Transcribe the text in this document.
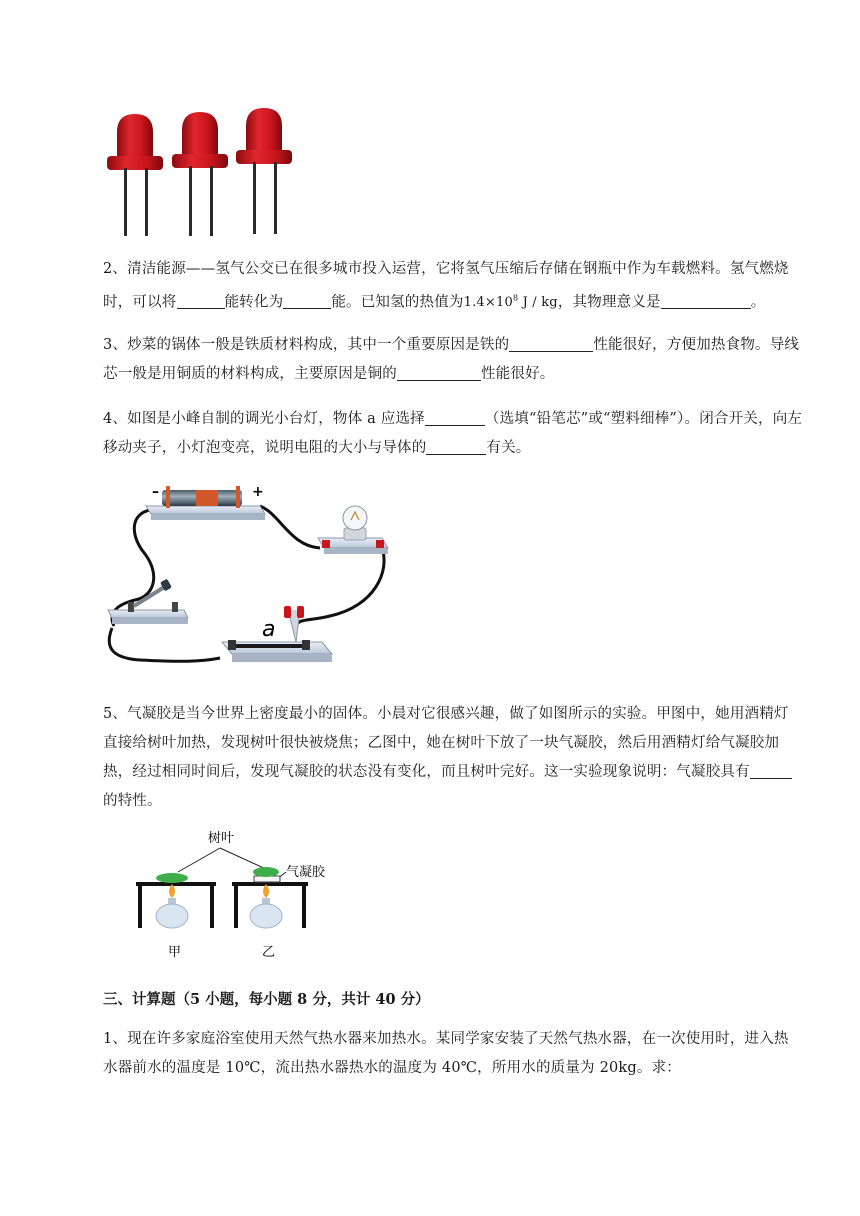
2、清洁能源——氢气公交已在很多城市投入运营，它将氢气压缩后存储在钢瓶中作为车载燃料。氢气燃烧时，可以将	能转化为	能。已知氢的热值为$1.4\times 10^8$ J / kg，其物理意义是	。
3、炒菜的锅体一般是铁质材料构成，其中一个重要原因是铁的	性能很好，方便加热食物。导线芯一般是用铜质的材料构成，主要原因是铜的	性能很好。
4、如图是小峰自制的调光小台灯，物体 a 应选择	（选填“铅笔芯”或“塑料细棒”）。闭合开关，向左移动夹子，小灯泡变亮，说明电阻的大小与导体的	有关。
–	+
a
5、气凝胶是当今世界上密度最小的固体。小晨对它很感兴趣，做了如图所示的实验。甲图中，她用酒精灯直接给树叶加热，发现树叶很快被烧焦；乙图中，她在树叶下放了一块气凝胶，然后用酒精灯给气凝胶加热，经过相同时间后，发现气凝胶的状态没有变化，而且树叶完好。这一实验现象说明：气凝胶具有的特性。
树叶
气凝胶
甲	乙
三、计算题（5 小题，每小题 8 分，共计 40 分）
1、现在许多家庭浴室使用天然气热水器来加热水。某同学家安装了天然气热水器，在一次使用时，进入热水器前水的温度是 10℃，流出热水器热水的温度为 40℃，所用水的质量为 20kg。求：
